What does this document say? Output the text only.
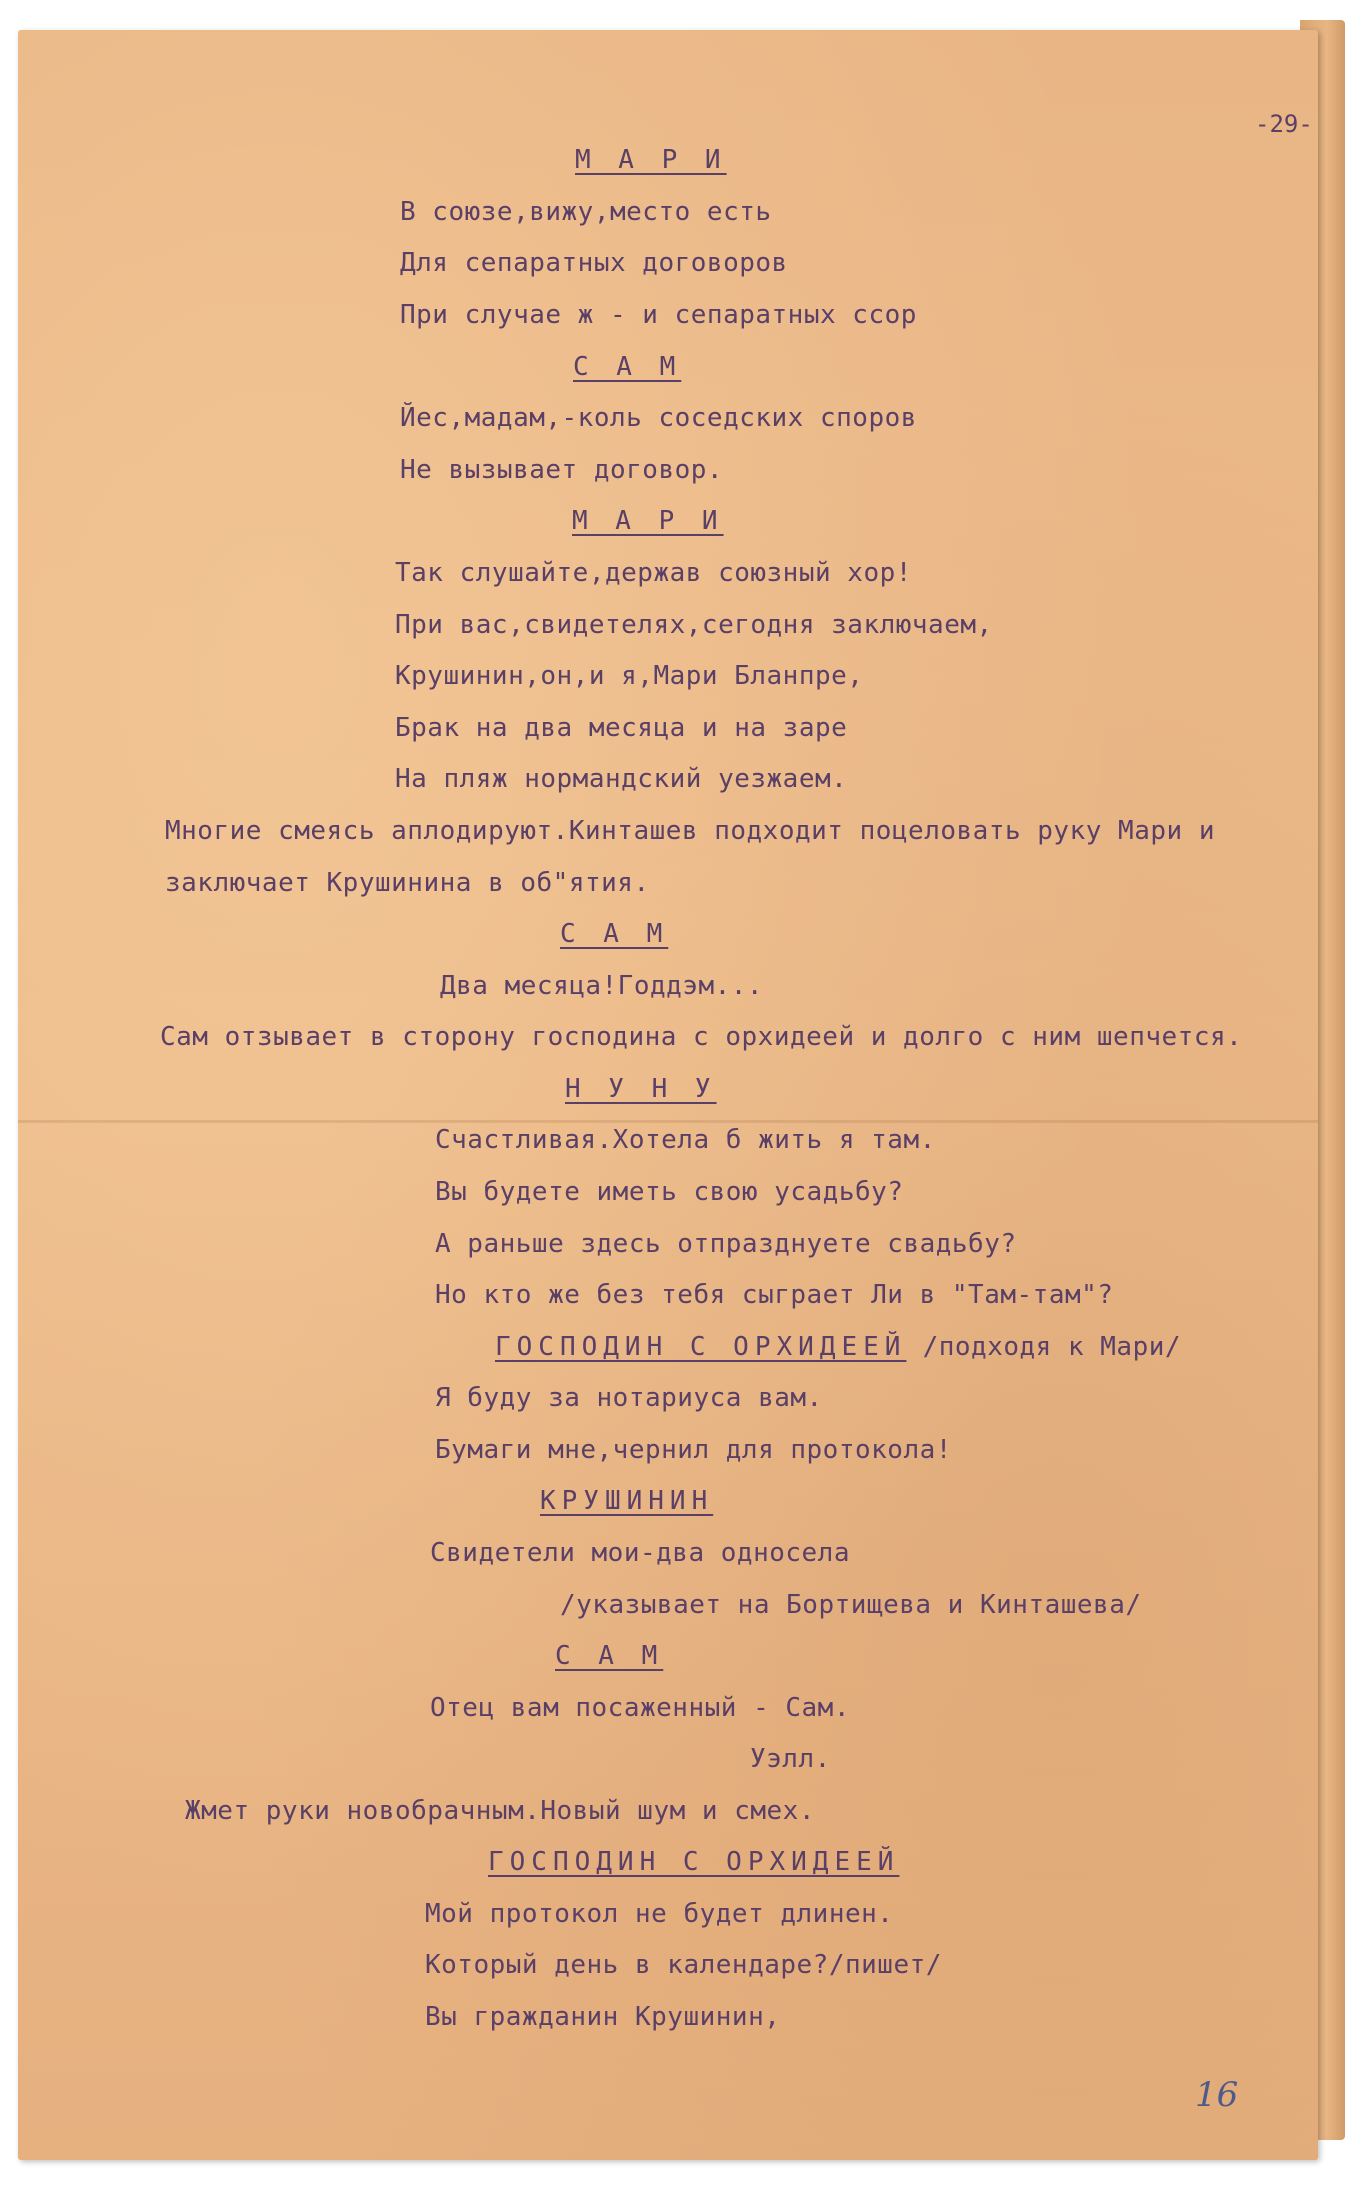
-29-
М А Р И
В союзе,вижу,место есть
Для сепаратных договоров
При случае ж - и сепаратных ссор
С А М
Йес,мадам,-коль соседских споров
Не вызывает договор.
М А Р И
Так слушайте,держав союзный хор!
При вас,свидетелях,сегодня заключаем,
Крушинин,он,и я,Мари Бланпре,
Брак на два месяца и на заре
На пляж нормандский уезжаем.
Многие смеясь аплодируют.Кинташев подходит поцеловать руку Мари и
заключает Крушинина в об"ятия.
С А М
Два месяца!Годдэм...
Сам отзывает в сторону господина с орхидеей и долго с ним шепчется.
Н У Н У
Счастливая.Хотела б жить я там.
Вы будете иметь свою усадьбу?
А раньше здесь отпразднуете свадьбу?
Но кто же без тебя сыграет Ли в "Там-там"?
ГОСПОДИН С ОРХИДЕЕЙ /подходя к Мари/
Я буду за нотариуса вам.
Бумаги мне,чернил для протокола!
КРУШИНИН
Свидетели мои-два односела
/указывает на Бортищева и Кинташева/
С А М
Отец вам посаженный - Сам.
Уэлл.
Жмет руки новобрачным.Новый шум и смех.
ГОСПОДИН С ОРХИДЕЕЙ
Мой протокол не будет длинен.
Который день в календаре?/пишет/
Вы гражданин Крушинин,
16
